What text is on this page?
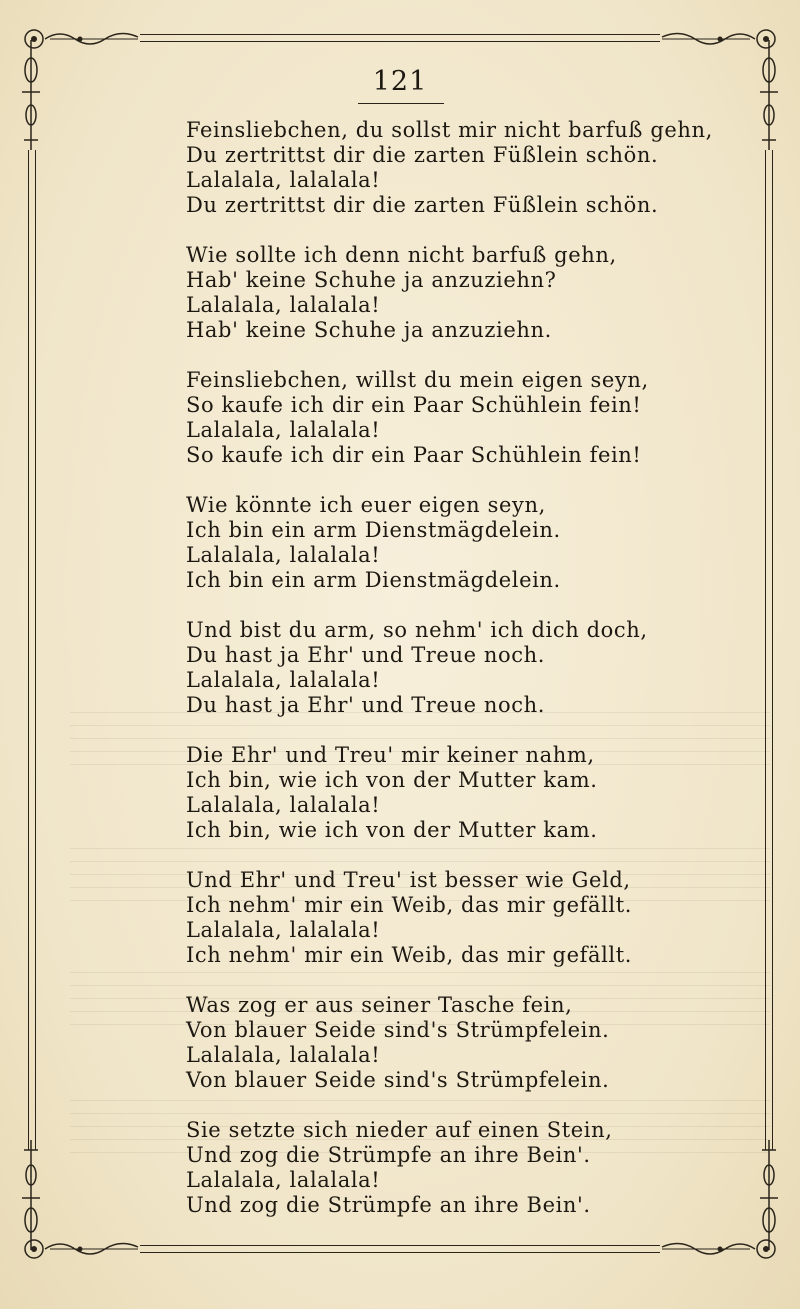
121
Feinsliebchen, du sollst mir nicht barfuß gehn,
Du zertrittst dir die zarten Füßlein schön.
Lalalala, lalalala!
Du zertrittst dir die zarten Füßlein schön.
Wie sollte ich denn nicht barfuß gehn,
Hab' keine Schuhe ja anzuziehn?
Lalalala, lalalala!
Hab' keine Schuhe ja anzuziehn.
Feinsliebchen, willst du mein eigen seyn,
So kaufe ich dir ein Paar Schühlein fein!
Lalalala, lalalala!
So kaufe ich dir ein Paar Schühlein fein!
Wie könnte ich euer eigen seyn,
Ich bin ein arm Dienstmägdelein.
Lalalala, lalalala!
Ich bin ein arm Dienstmägdelein.
Und bist du arm, so nehm' ich dich doch,
Du hast ja Ehr' und Treue noch.
Lalalala, lalalala!
Du hast ja Ehr' und Treue noch.
Die Ehr' und Treu' mir keiner nahm,
Ich bin, wie ich von der Mutter kam.
Lalalala, lalalala!
Ich bin, wie ich von der Mutter kam.
Und Ehr' und Treu' ist besser wie Geld,
Ich nehm' mir ein Weib, das mir gefällt.
Lalalala, lalalala!
Ich nehm' mir ein Weib, das mir gefällt.
Was zog er aus seiner Tasche fein,
Von blauer Seide sind's Strümpfelein.
Lalalala, lalalala!
Von blauer Seide sind's Strümpfelein.
Sie setzte sich nieder auf einen Stein,
Und zog die Strümpfe an ihre Bein'.
Lalalala, lalalala!
Und zog die Strümpfe an ihre Bein'.
